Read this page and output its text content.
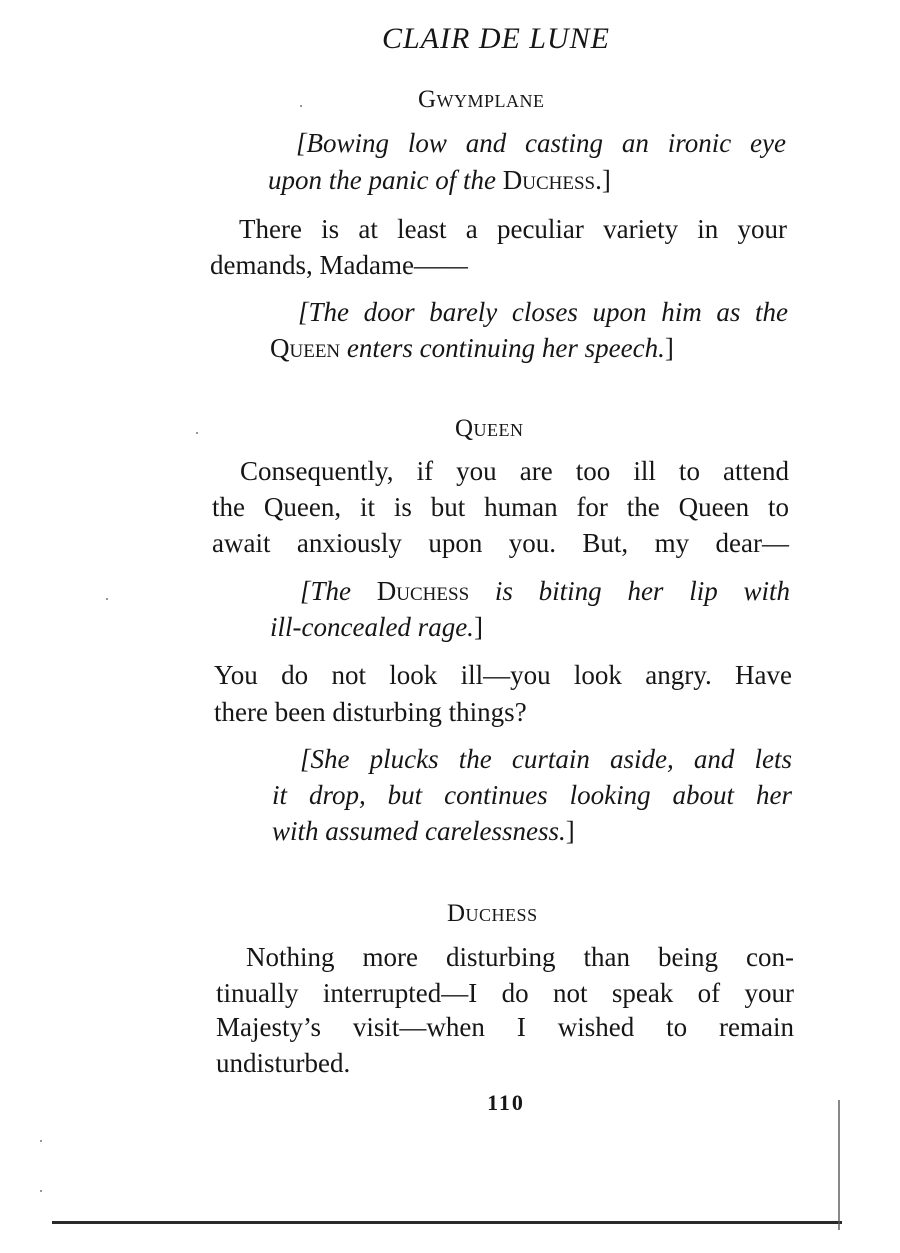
CLAIR DE LUNE
Gwymplane
[Bowing low and casting an ironic eye
upon the panic of the Duchess.]
There is at least a peculiar variety in your
demands, Madame——
[The door barely closes upon him as the
Queen enters continuing her speech.]
Queen
Consequently, if you are too ill to attend
the Queen, it is but human for the Queen to
await anxiously upon you. But, my dear—
[The Duchess is biting her lip with
ill-concealed rage.]
You do not look ill—you look angry. Have
there been disturbing things?
[She plucks the curtain aside, and lets
it drop, but continues looking about her
with assumed carelessness.]
Duchess
Nothing more disturbing than being con-
tinually interrupted—I do not speak of your
Majesty’s visit—when I wished to remain
undisturbed.
110
